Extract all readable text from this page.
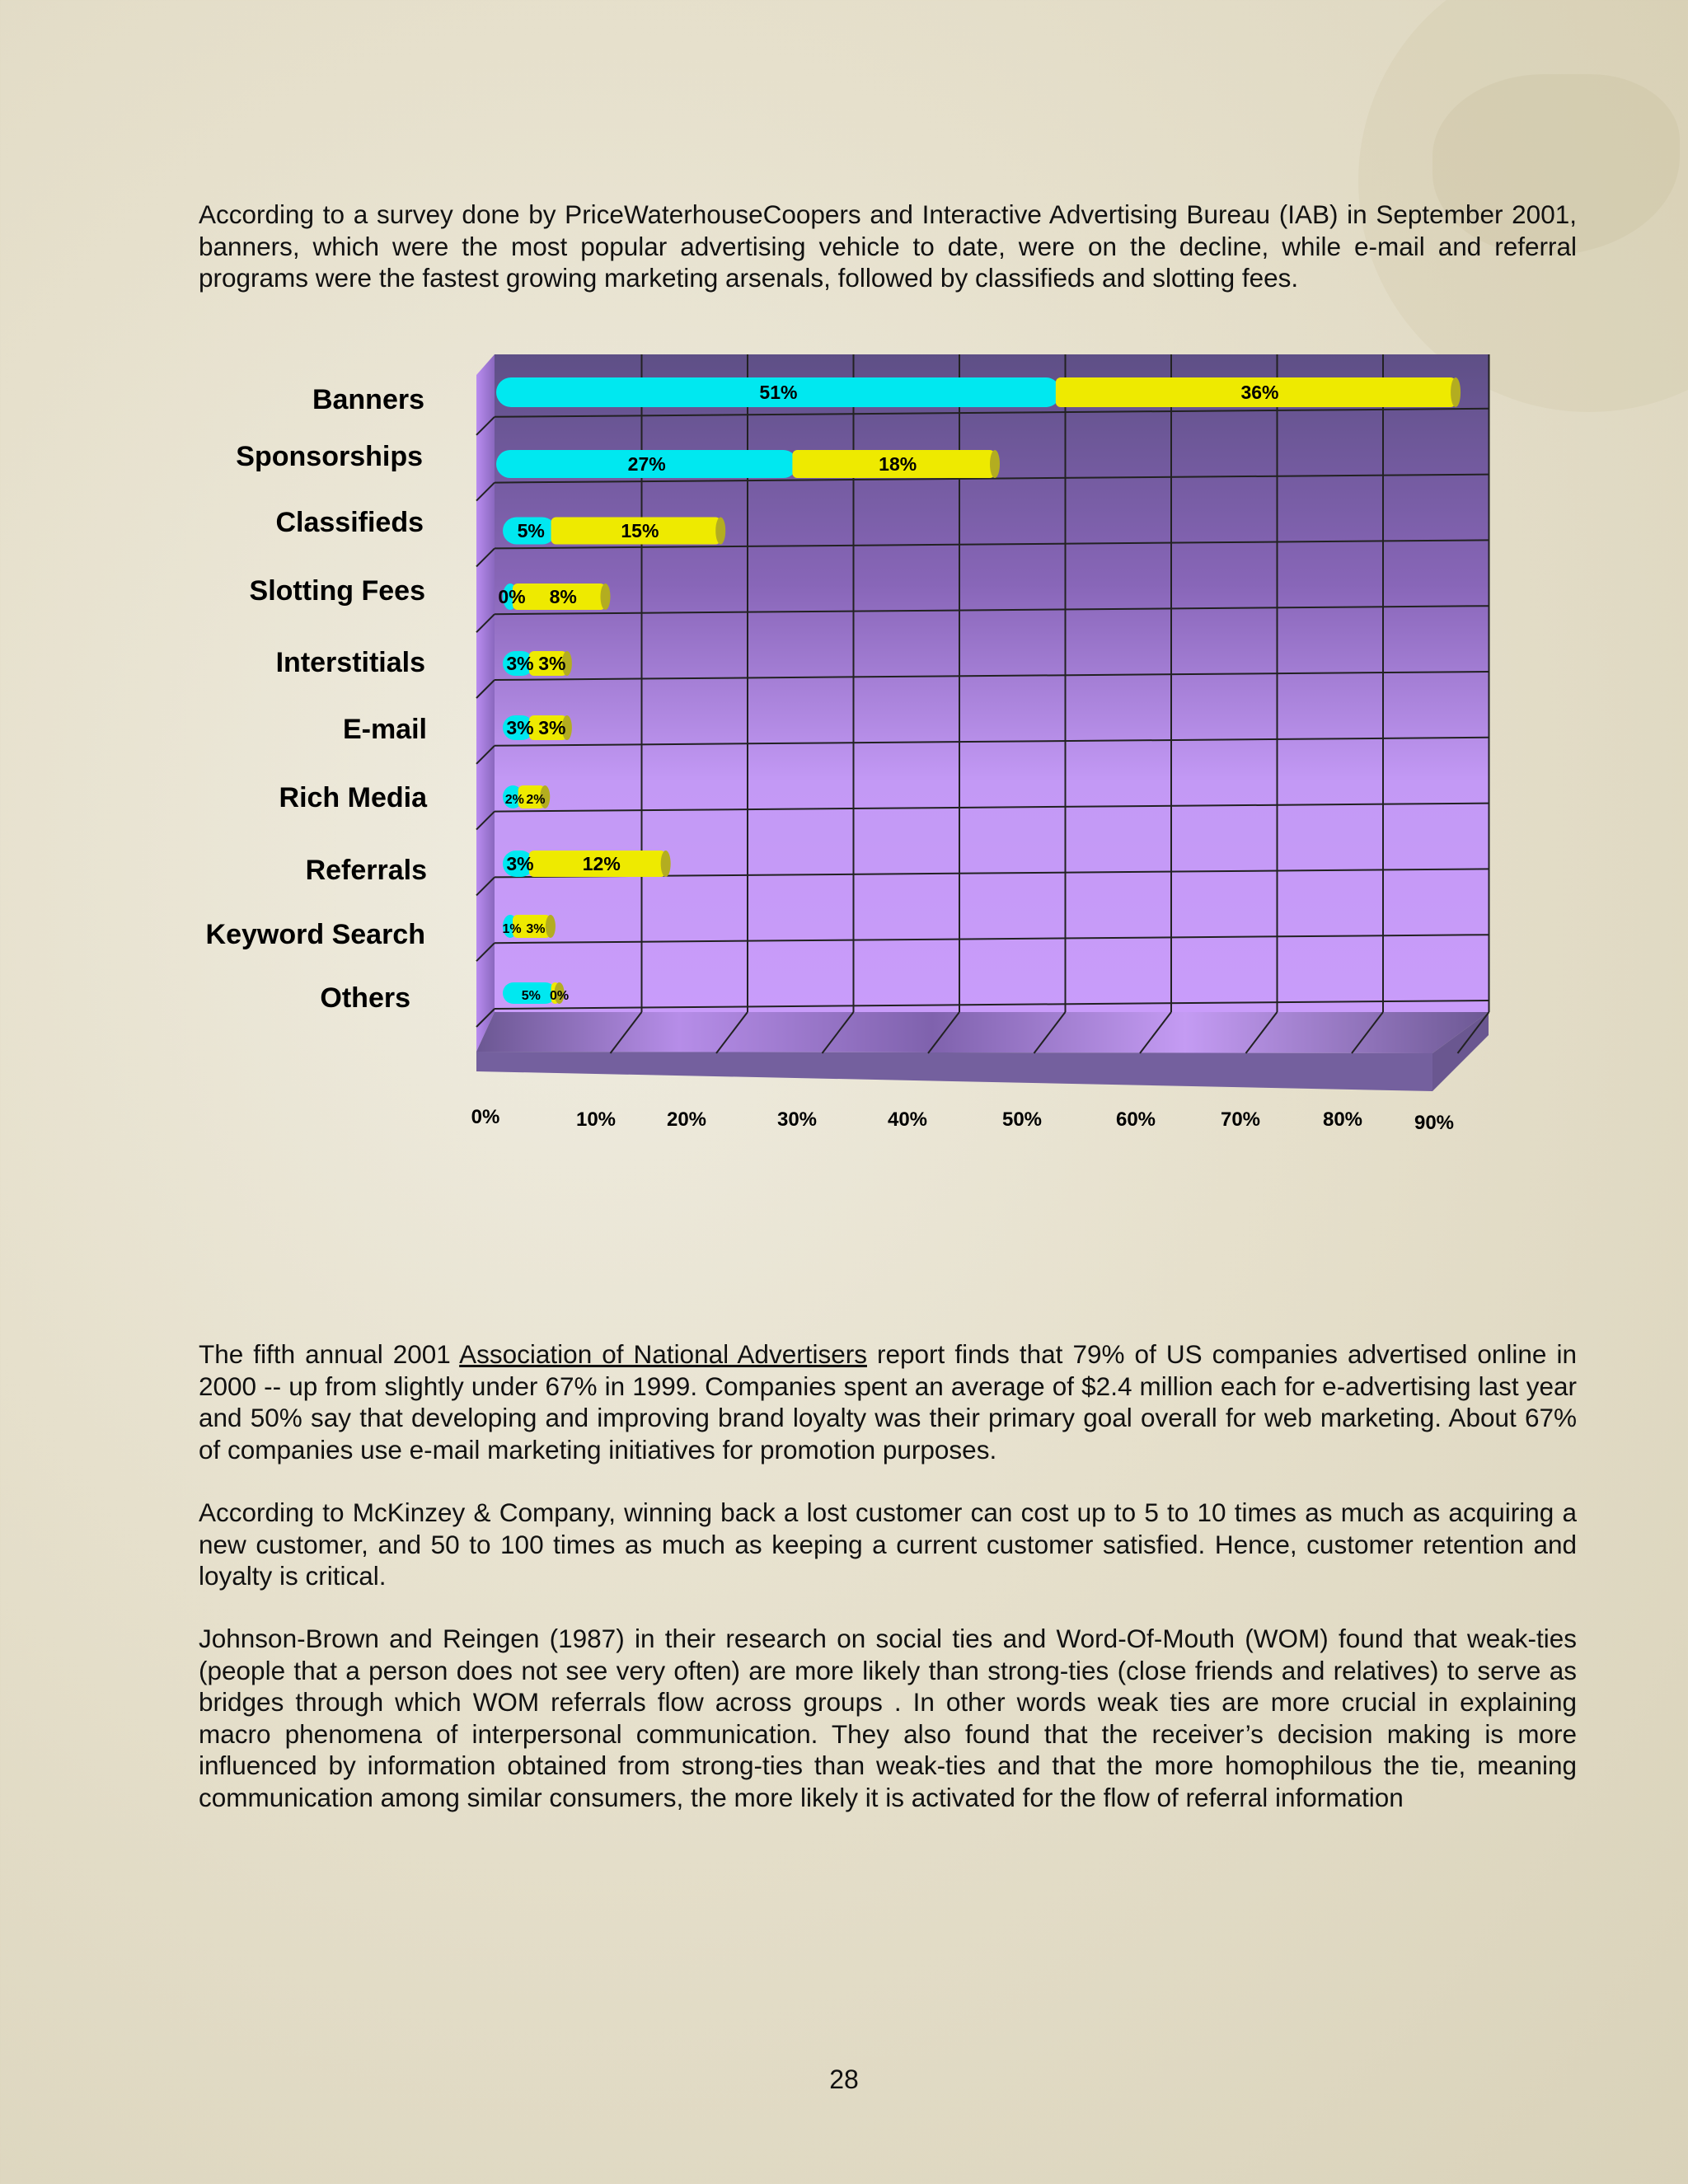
According to a survey done by PriceWaterhouseCoopers and Interactive Advertising Bureau (IAB) in September 2001, banners, which were the most popular advertising vehicle to date, were on the decline, while e-mail and referral programs were the fastest growing marketing arsenals, followed by classifieds and slotting fees.

Banners
Sponsorships
Classifieds
Slotting Fees
Interstitials
E-mail
Rich Media
Referrals
Keyword Search
Others
51%	36%
27%	18%
5%	15%
0% 8%
3% 3%
3% 3%
2% 2%
3%	12%
1% 3%
5% 0%
0%	10%	20%	30%	40%	50%	60%	70%	80%	90%

The fifth annual 2001 Association of National Advertisers report finds that 79% of US companies advertised online in 2000 -- up from slightly under 67% in 1999. Companies spent an average of $2.4 million each for e-advertising last year and 50% say that developing and improving brand loyalty was their primary goal overall for web marketing. About 67% of companies use e-mail marketing initiatives for promotion purposes.

According to McKinzey & Company, winning back a lost customer can cost up to 5 to 10 times as much as acquiring a new customer, and 50 to 100 times as much as keeping a current customer satisfied. Hence, customer retention and loyalty is critical.

Johnson-Brown and Reingen (1987) in their research on social ties and Word-Of-Mouth (WOM) found that weak-ties (people that a person does not see very often) are more likely than strong-ties (close friends and relatives) to serve as bridges through which WOM referrals flow across groups . In other words weak ties are more crucial in explaining macro phenomena of interpersonal communication. They also found that the receiver’s decision making is more influenced by information obtained from strong-ties than weak-ties and that the more homophilous the tie, meaning communication among similar consumers, the more likely it is activated for the flow of referral information

28
